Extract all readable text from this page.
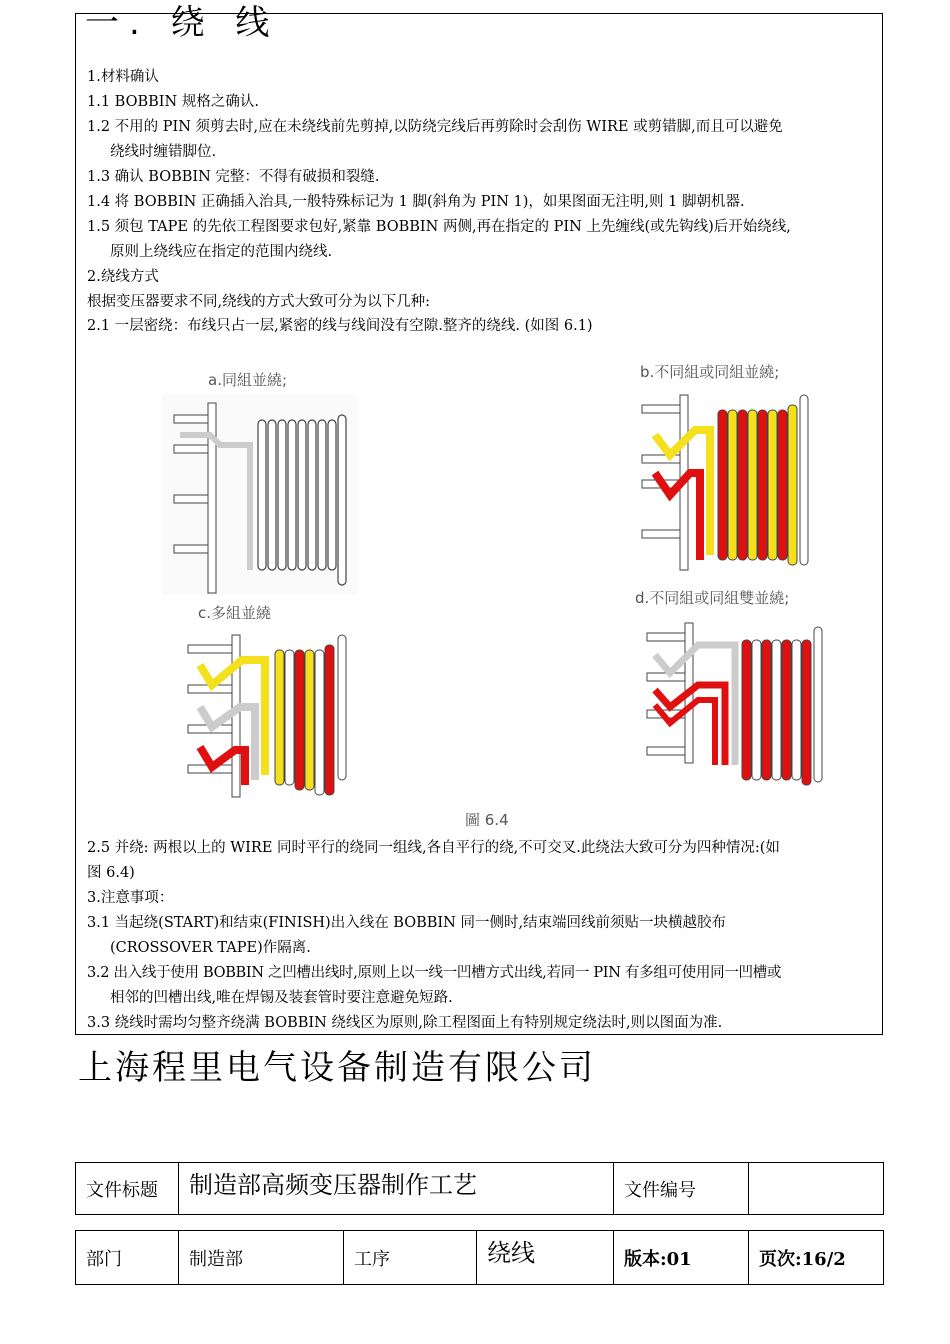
一. 绕 线
1.材料确认
1.1 BOBBIN 规格之确认.
1.2 不用的 PIN 须剪去时,应在未绕线前先剪掉,以防绕完线后再剪除时会刮伤 WIRE 或剪错脚,而且可以避免
绕线时缠错脚位.
1.3 确认 BOBBIN 完整：不得有破损和裂缝.
1.4 将 BOBBIN 正确插入治具,一般特殊标记为 1 脚(斜角为 PIN 1)，如果图面无注明,则 1 脚朝机器.
1.5 须包 TAPE 的先依工程图要求包好,紧靠 BOBBIN 两侧,再在指定的 PIN 上先缠线(或先钩线)后开始绕线,
原则上绕线应在指定的范围内绕线.
2.绕线方式
根据变压器要求不同,绕线的方式大致可分为以下几种:
2.1 一层密绕：布线只占一层,紧密的线与线间没有空隙.整齐的绕线. (如图 6.1)
a.同組並繞;	b.不同組或同組並繞;
c.多組並繞
d.不同組或同組雙並繞;
圖 6.4
2.5 并绕: 两根以上的 WIRE 同时平行的绕同一组线,各自平行的绕,不可交叉.此绕法大致可分为四种情况:(如
图 6.4)
3.注意事项：
3.1 当起绕(START)和结束(FINISH)出入线在 BOBBIN 同一侧时,结束端回线前须贴一块横越胶布
(CROSSOVER TAPE)作隔离.
3.2 出入线于使用 BOBBIN 之凹槽出线时,原则上以一线一凹槽方式出线,若同一 PIN 有多组可使用同一凹槽或
相邻的凹槽出线,唯在焊锡及装套管时要注意避免短路.
3.3 绕线时需均匀整齐绕满 BOBBIN 绕线区为原则,除工程图面上有特别规定绕法时,则以图面为准.
上海程里电气设备制造有限公司
文件标题	制造部高频变压器制作工艺	文件编号	
部门	制造部	工序	绕线	版本:01	页次:16/2
